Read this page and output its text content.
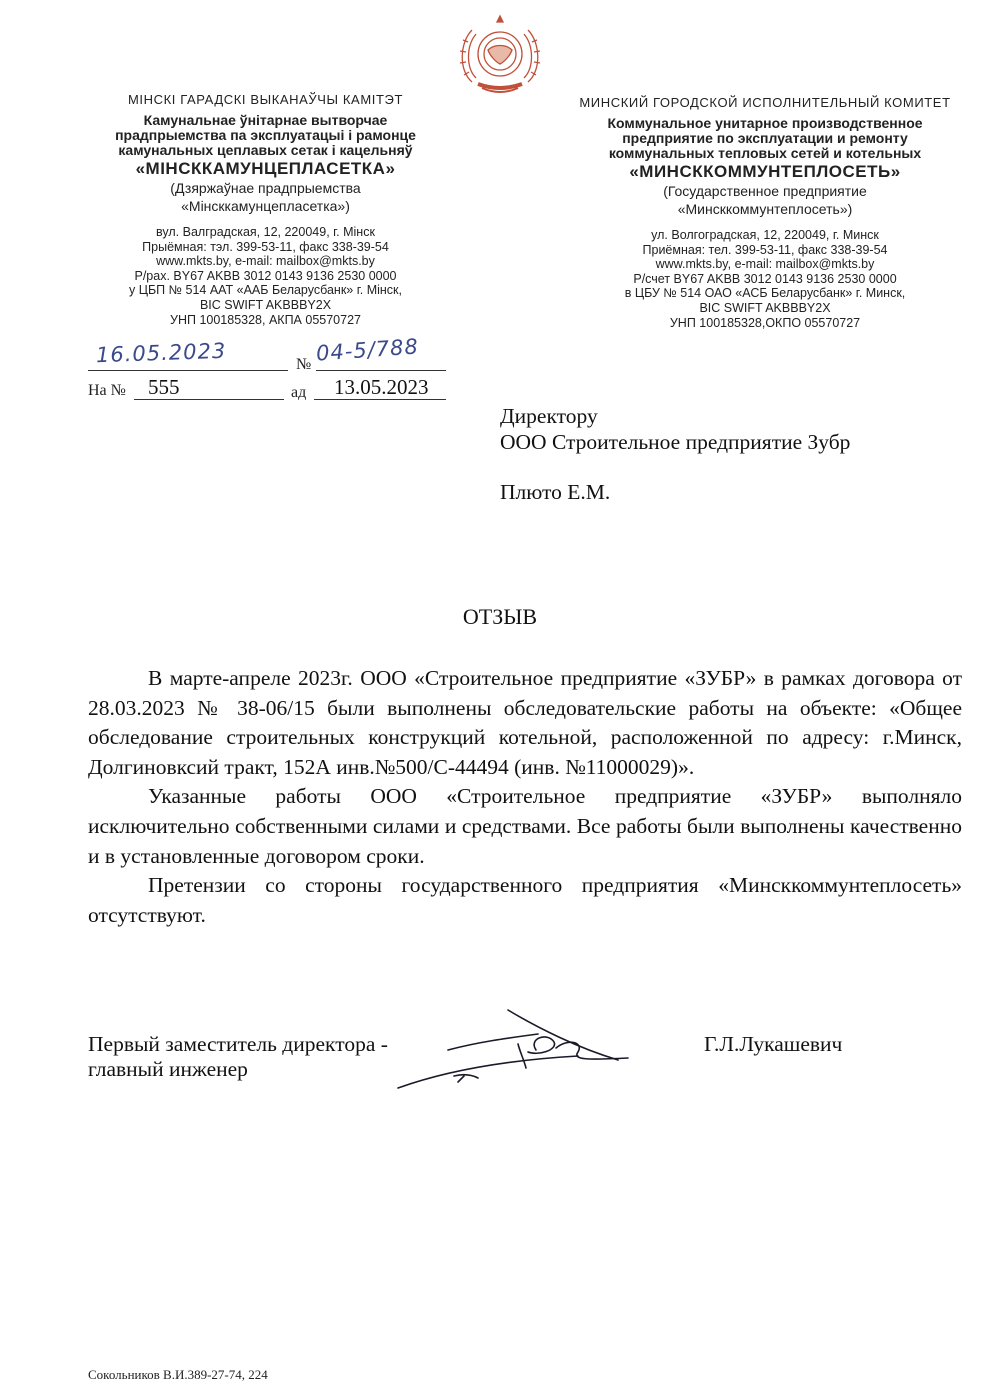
МІНСКІ ГАРАДСКІ ВЫКАНАЎЧЫ КАМІТЭТ
Камунальнае ўнітарнае вытворчае
прадпрыемства па эксплуатацыі і рамонце
камунальных цеплавых сетак і кацельняў
«МІНСККАМУНЦЕПЛАСЕТКА»
(Дзяржаўнае прадпрыемства
«Мінсккамунцепласетка»)
вул. Валградская, 12, 220049, г. Мінск
Прыёмная: тэл. 399-53-11, факс 338-39-54
www.mkts.by, e-mail: mailbox@mkts.by
Р/рах. BY67 AKBB 3012 0143 9136 2530 0000
у ЦБП № 514 ААТ «ААБ Беларусбанк» г. Мінск,
BIC SWIFT AKBBBY2X
УНП 100185328, АКПА 05570727
МИНСКИЙ ГОРОДСКОЙ ИСПОЛНИТЕЛЬНЫЙ КОМИТЕТ
Коммунальное унитарное производственное
предприятие по эксплуатации и ремонту
коммунальных тепловых сетей и котельных
«МИНСККОММУНТЕПЛОСЕТЬ»
(Государственное предприятие
«Минсккоммунтеплосеть»)
ул. Волгоградская, 12, 220049, г. Минск
Приёмная: тел. 399-53-11, факс 338-39-54
www.mkts.by, e-mail: mailbox@mkts.by
Р/счет BY67 AKBB 3012 0143 9136 2530 0000
в ЦБУ № 514 ОАО «АСБ Беларусбанк» г. Минск,
BIC SWIFT AKBBBY2X
УНП 100185328,ОКПО 05570727
16.05.2023	№ 04-5/788
На № 555	ад 13.05.2023
Директору
ООО Строительное предприятие Зубр
Плюто Е.М.
ОТЗЫВ

В марте-апреле 2023г. ООО «Строительное предприятие «ЗУБР» в рамках договора от 28.03.2023 № 38-06/15 были выполнены обследовательские работы на объекте: «Общее обследование строительных конструкций котельной, расположенной по адресу: г.Минск, Долгиновксий тракт, 152А инв.№500/С-44494 (инв. №11000029)».

Указанные работы ООО «Строительное предприятие «ЗУБР» выполняло исключительно собственными силами и средствами. Все работы были выполнены качественно и в установленные договором сроки.

Претензии со стороны государственного предприятия «Минсккоммунтеплосеть» отсутствуют.

Первый заместитель директора -
главный инженер
Г.Л.Лукашевич
Сокольников В.И.389-27-74, 224
